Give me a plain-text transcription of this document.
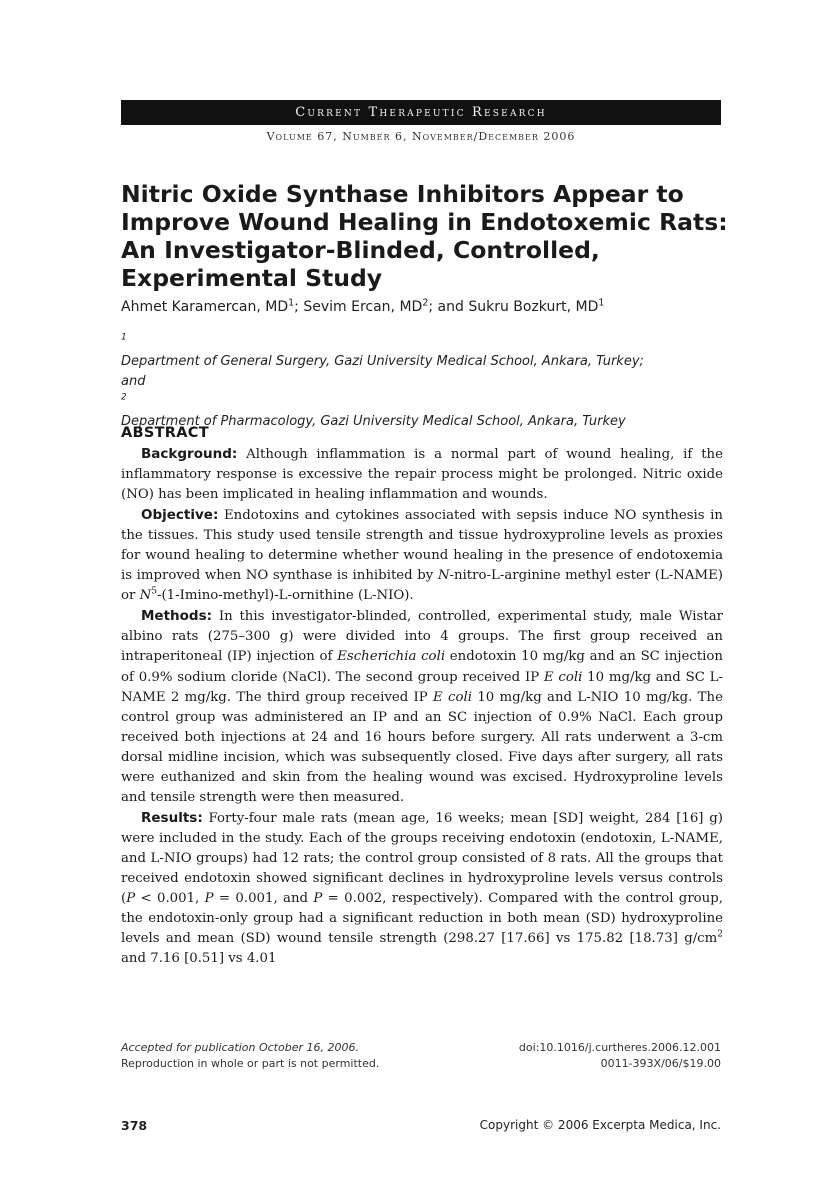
Current Therapeutic Research
Volume 67, Number 6, November/December 2006
Nitric Oxide Synthase Inhibitors Appear to
Improve Wound Healing in Endotoxemic Rats:
An Investigator-Blinded, Controlled,
Experimental Study
Ahmet Karamercan, $MD^1$; Sevim Ercan, $MD^2$; and Sukru Bozkurt, $MD^1$
$^1$
Department of General Surgery, Gazi University Medical School, Ankara, Turkey;
and
$^2$
Department of Pharmacology, Gazi University Medical School, Ankara, Turkey
ABSTRACT

Background: Although inflammation is a normal part of wound healing, if the inflammatory response is excessive the repair process might be prolonged. Nitric oxide (NO) has been implicated in healing inflammation and wounds.

Objective: Endotoxins and cytokines associated with sepsis induce NO synthesis in the tissues. This study used tensile strength and tissue hydroxyproline levels as proxies for wound healing to determine whether wound healing in the presence of endotoxemia is improved when NO synthase is inhibited by N-nitro-L-arginine methyl ester (L-NAME) or $N^5-(1-Imino-methyl)-L$-ornithine (L-NIO).

Methods: In this investigator-blinded, controlled, experimental study, male Wistar albino rats (275–300 g) were divided into 4 groups. The first group received an intraperitoneal (IP) injection of Escherichia coli endotoxin 10 mg/kg and an SC injection of 0.9% sodium cloride (NaCl). The second group received IP E coli 10 mg/kg and SC L-NAME 2 mg/kg. The third group received IP E coli 10 mg/kg and L-NIO 10 mg/kg. The control group was administered an IP and an SC injection of 0.9% NaCl. Each group received both injections at 24 and 16 hours before surgery. All rats underwent a 3-cm dorsal midline incision, which was subsequently closed. Five days after surgery, all rats were euthanized and skin from the healing wound was excised. Hydroxyproline levels and tensile strength were then measured.

Results: Forty-four male rats (mean age, 16 weeks; mean [SD] weight, 284 [16] g) were included in the study. Each of the groups receiving endotoxin (endotoxin, L-NAME, and L-NIO groups) had 12 rats; the control group consisted of 8 rats. All the groups that received endotoxin showed significant declines in hydroxyproline levels versus controls (P < 0.001, P = 0.001, and P = 0.002, respectively). Compared with the control group, the endotoxin-only group had a significant reduction in both mean (SD) hydroxyproline levels and mean (SD) wound tensile strength (298.27 [17.66] vs 175.82 [18.73] $g/cm^2$ and 7.16 [0.51] vs 4.01

Accepted for publication October 16, 2006.
Reproduction in whole or part is not permitted.
doi:10.1016/j.curtheres.2006.12.001
0011-393X/06/$19.00
378	Copyright © 2006 Excerpta Medica, Inc.
